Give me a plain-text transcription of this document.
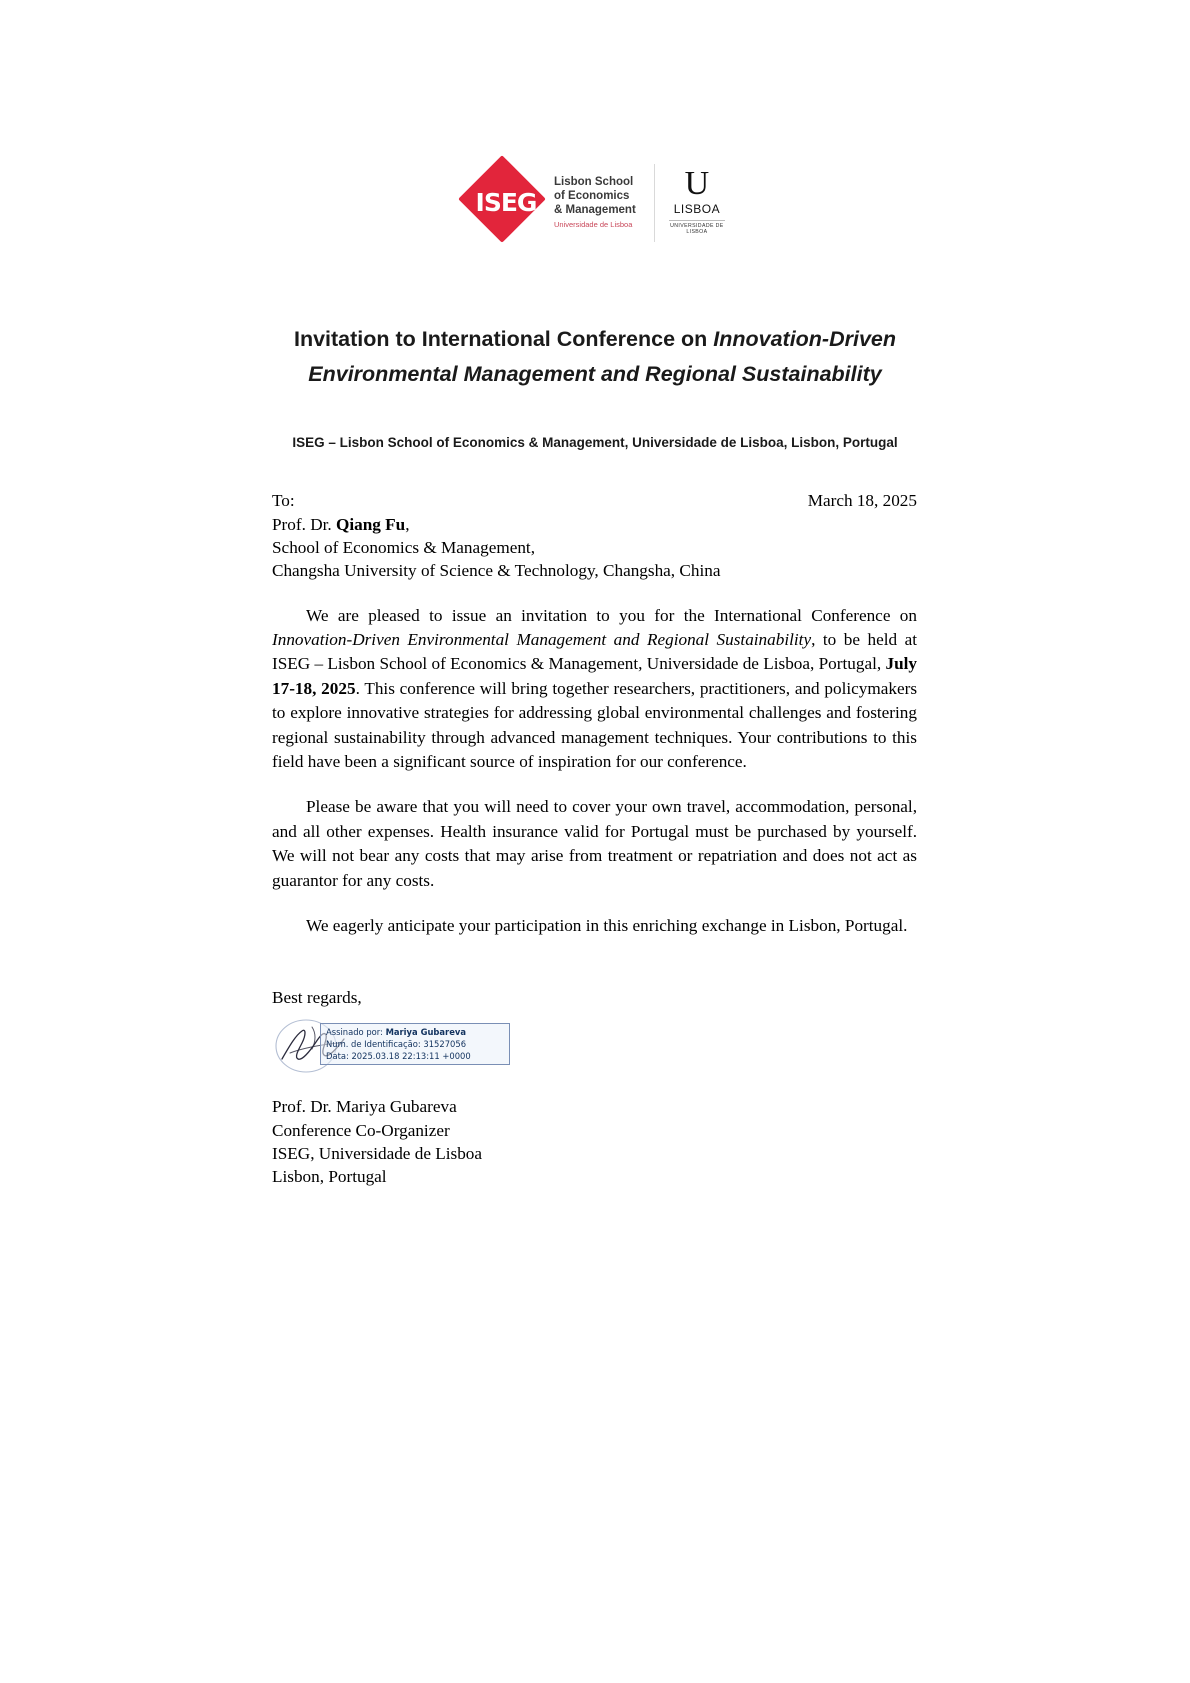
ISEG
Lisbon School
of Economics
& Management
Universidade de Lisboa
U
LISBOA
UNIVERSIDADE DE LISBOA
Invitation to International Conference on Innovation-Driven
Environmental Management and Regional Sustainability
ISEG – Lisbon School of Economics & Management, Universidade de Lisboa, Lisbon, Portugal
To:	March 18, 2025
Prof. Dr. Qiang Fu,
School of Economics & Management,
Changsha University of Science & Technology, Changsha, China

We are pleased to issue an invitation to you for the International Conference on Innovation-Driven Environmental Management and Regional Sustainability, to be held at ISEG – Lisbon School of Economics & Management, Universidade de Lisboa, Portugal, July 17-18, 2025. This conference will bring together researchers, practitioners, and policymakers to explore innovative strategies for addressing global environmental challenges and fostering regional sustainability through advanced management techniques. Your contributions to this field have been a significant source of inspiration for our conference.

Please be aware that you will need to cover your own travel, accommodation, personal, and all other expenses. Health insurance valid for Portugal must be purchased by yourself. We will not bear any costs that may arise from treatment or repatriation and does not act as guarantor for any costs.

We eagerly anticipate your participation in this enriching exchange in Lisbon, Portugal.

Best regards,
Assinado por: Mariya Gubareva
Num. de Identificação: 31527056
Data: 2025.03.18 22:13:11 +0000
Prof. Dr. Mariya Gubareva
Conference Co-Organizer
ISEG, Universidade de Lisboa
Lisbon, Portugal
